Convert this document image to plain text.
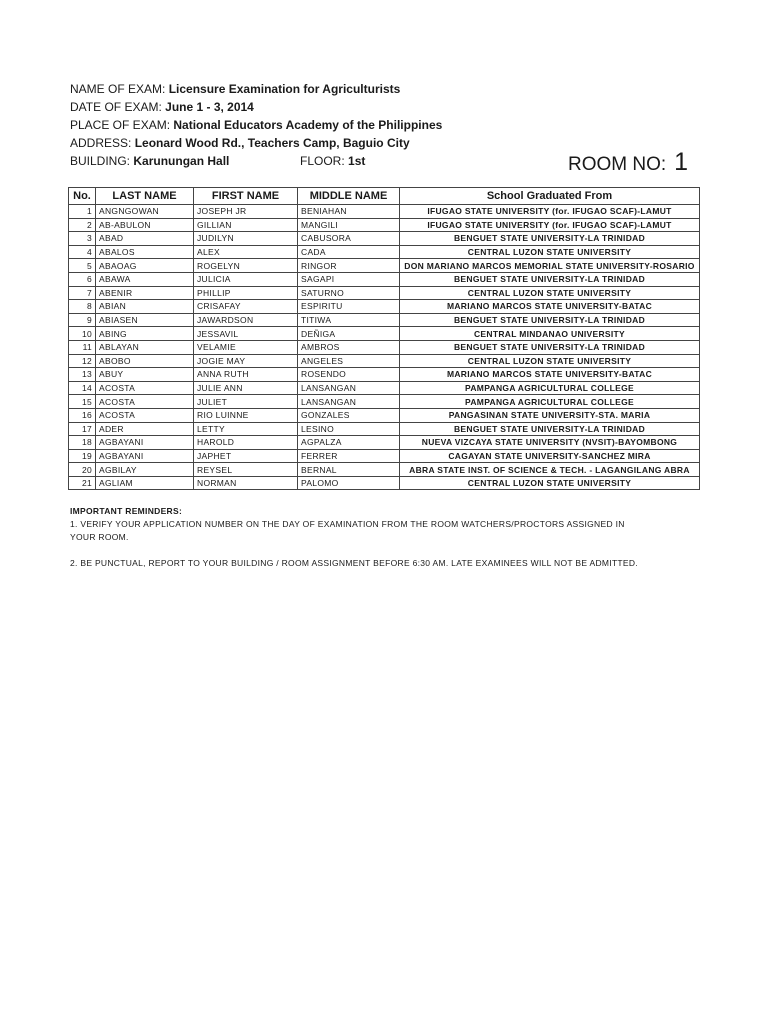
NAME OF EXAM: Licensure Examination for Agriculturists
DATE OF EXAM: June 1 - 3, 2014
PLACE OF EXAM: National Educators Academy of the Philippines
ADDRESS: Leonard Wood Rd., Teachers Camp, Baguio City
BUILDING: Karunungan Hall	FLOOR: 1st	ROOM NO: 1
No.	LAST NAME	FIRST NAME	MIDDLE NAME	School Graduated From
1	ANGNGOWAN	JOSEPH JR	BENIAHAN	IFUGAO STATE UNIVERSITY (for. IFUGAO SCAF)-LAMUT
2	AB-ABULON	GILLIAN	MANGILI	IFUGAO STATE UNIVERSITY (for. IFUGAO SCAF)-LAMUT
3	ABAD	JUDILYN	CABUSORA	BENGUET STATE UNIVERSITY-LA TRINIDAD
4	ABALOS	ALEX	CADA	CENTRAL LUZON STATE UNIVERSITY
5	ABAOAG	ROGELYN	RINGOR	DON MARIANO MARCOS MEMORIAL STATE UNIVERSITY-ROSARIO
6	ABAWA	JULICIA	SAGAPI	BENGUET STATE UNIVERSITY-LA TRINIDAD
7	ABENIR	PHILLIP	SATURNO	CENTRAL LUZON STATE UNIVERSITY
8	ABIAN	CRISAFAY	ESPIRITU	MARIANO MARCOS STATE UNIVERSITY-BATAC
9	ABIASEN	JAWARDSON	TITIWA	BENGUET STATE UNIVERSITY-LA TRINIDAD
10	ABING	JESSAVIL	DEÑIGA	CENTRAL MINDANAO UNIVERSITY
11	ABLAYAN	VELAMIE	AMBROS	BENGUET STATE UNIVERSITY-LA TRINIDAD
12	ABOBO	JOGIE MAY	ANGELES	CENTRAL LUZON STATE UNIVERSITY
13	ABUY	ANNA RUTH	ROSENDO	MARIANO MARCOS STATE UNIVERSITY-BATAC
14	ACOSTA	JULIE ANN	LANSANGAN	PAMPANGA AGRICULTURAL COLLEGE
15	ACOSTA	JULIET	LANSANGAN	PAMPANGA AGRICULTURAL COLLEGE
16	ACOSTA	RIO LUINNE	GONZALES	PANGASINAN STATE UNIVERSITY-STA. MARIA
17	ADER	LETTY	LESINO	BENGUET STATE UNIVERSITY-LA TRINIDAD
18	AGBAYANI	HAROLD	AGPALZA	NUEVA VIZCAYA STATE UNIVERSITY (NVSIT)-BAYOMBONG
19	AGBAYANI	JAPHET	FERRER	CAGAYAN STATE UNIVERSITY-SANCHEZ MIRA
20	AGBILAY	REYSEL	BERNAL	ABRA STATE INST. OF SCIENCE & TECH. - LAGANGILANG ABRA
21	AGLIAM	NORMAN	PALOMO	CENTRAL LUZON STATE UNIVERSITY
IMPORTANT REMINDERS:
1. VERIFY YOUR APPLICATION NUMBER ON THE DAY OF EXAMINATION FROM THE ROOM WATCHERS/PROCTORS ASSIGNED IN
YOUR ROOM.
2. BE PUNCTUAL, REPORT TO YOUR BUILDING / ROOM ASSIGNMENT BEFORE 6:30 AM. LATE EXAMINEES WILL NOT BE ADMITTED.
